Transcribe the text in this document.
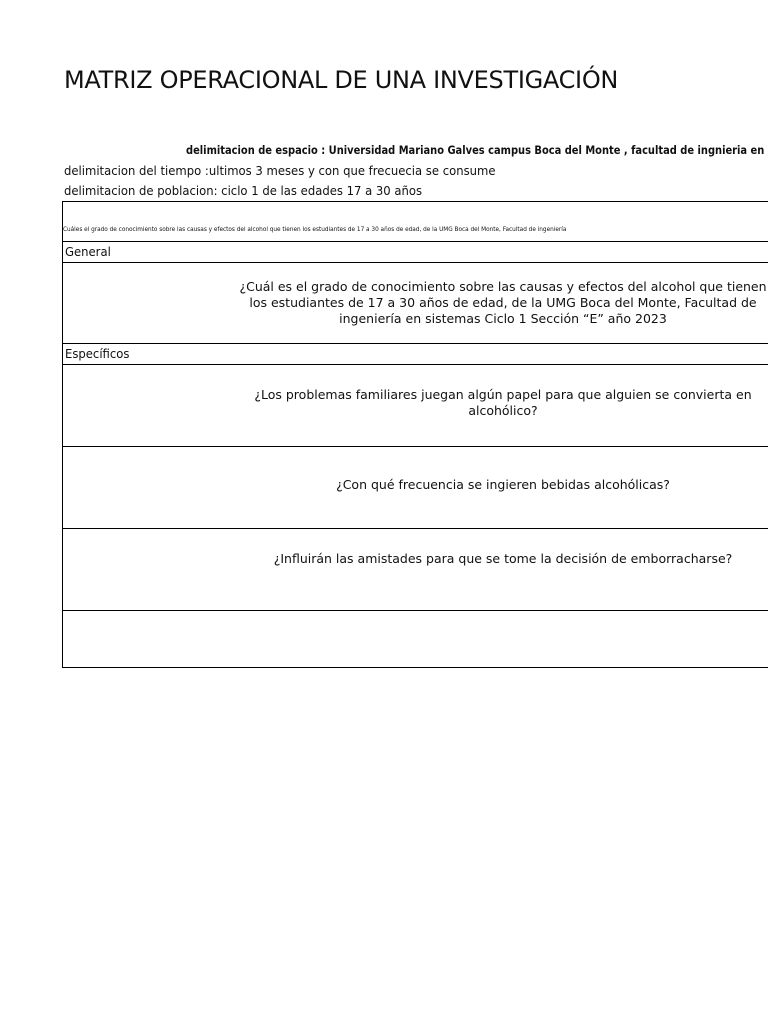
MATRIZ OPERACIONAL DE UNA INVESTIGACIÓN
delimitacion de espacio : Universidad Mariano Galves campus Boca del Monte , facultad de ingnieria en
delimitacion del tiempo :ultimos 3 meses y con que frecuecia se consume
delimitacion de poblacion: ciclo 1 de las edades 17 a 30 años
Cuáles el grado de conocimiento sobre las causas y efectos del alcohol que tienen los estudiantes de 17 a 30 años de edad, de la UMG Boca del Monte, Facultad de ingeniería
General
¿Cuál es el grado de conocimiento sobre las causas y efectos del alcohol que tienen los estudiantes de 17 a 30 años de edad, de la UMG Boca del Monte, Facultad de ingeniería en sistemas Ciclo 1 Sección “E” año 2023
Específicos
¿Los problemas familiares juegan algún papel para que alguien se convierta en alcohólico?
¿Con qué frecuencia se ingieren bebidas alcohólicas?
¿Influirán las amistades para que se tome la decisión de emborracharse?
